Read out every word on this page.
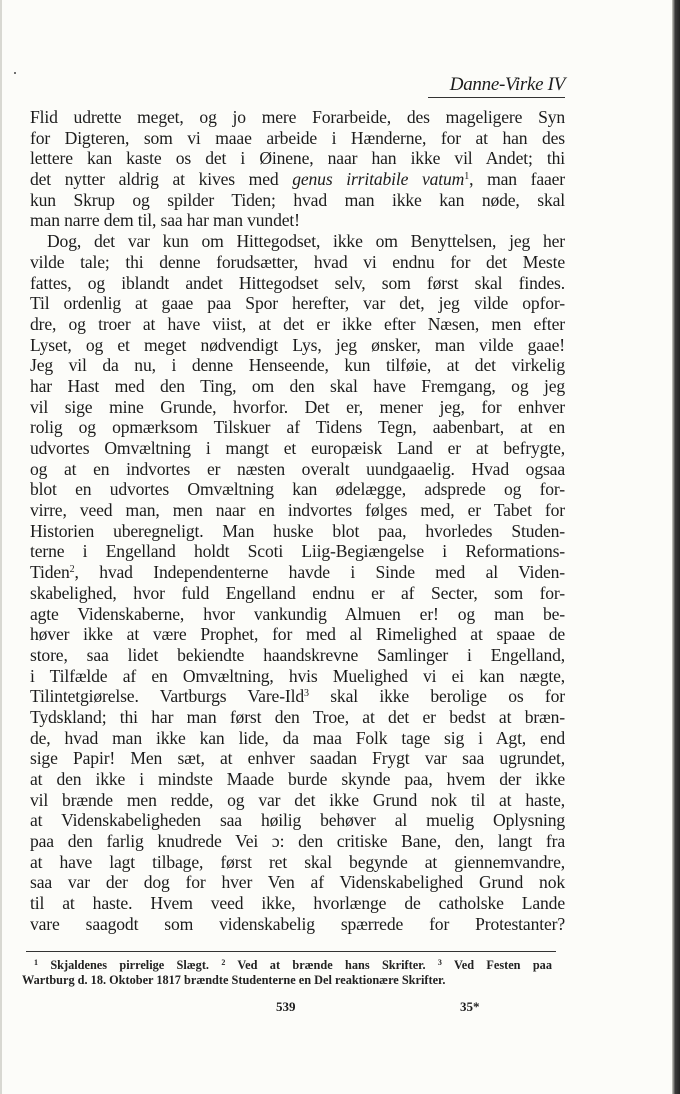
Danne-Virke IV
Flid udrette meget, og jo mere Forarbeide, des mageligere Syn
for Digteren, som vi maae arbeide i Hænderne, for at han des
lettere kan kaste os det i Øinene, naar han ikke vil Andet; thi
det nytter aldrig at kives med genus irritabile vatum$^1$, man faaer
kun Skrup og spilder Tiden; hvad man ikke kan nøde, skal
man narre dem til, saa har man vundet!
Dog, det var kun om Hittegodset, ikke om Benyttelsen, jeg her
vilde tale; thi denne forudsætter, hvad vi endnu for det Meste
fattes, og iblandt andet Hittegodset selv, som først skal findes.
Til ordenlig at gaae paa Spor herefter, var det, jeg vilde opfor-
dre, og troer at have viist, at det er ikke efter Næsen, men efter
Lyset, og et meget nødvendigt Lys, jeg ønsker, man vilde gaae!
Jeg vil da nu, i denne Henseende, kun tilføie, at det virkelig
har Hast med den Ting, om den skal have Fremgang, og jeg
vil sige mine Grunde, hvorfor. Det er, mener jeg, for enhver
rolig og opmærksom Tilskuer af Tidens Tegn, aabenbart, at en
udvortes Omvæltning i mangt et europæisk Land er at befrygte,
og at en indvortes er næsten overalt uundgaaelig. Hvad ogsaa
blot en udvortes Omvæltning kan ødelægge, adsprede og for-
virre, veed man, men naar en indvortes følges med, er Tabet for
Historien uberegneligt. Man huske blot paa, hvorledes Studen-
terne i Engelland holdt Scoti Liig-Begiængelse i Reformations-
Tiden$^2$, hvad Independenterne havde i Sinde med al Viden-
skabelighed, hvor fuld Engelland endnu er af Secter, som for-
agte Videnskaberne, hvor vankundig Almuen er! og man be-
høver ikke at være Prophet, for med al Rimelighed at spaae de
store, saa lidet bekiendte haandskrevne Samlinger i Engelland,
i Tilfælde af en Omvæltning, hvis Muelighed vi ei kan nægte,
Tilintetgiørelse. Vartburgs Vare-Ild$^3$ skal ikke berolige os for
Tydskland; thi har man først den Troe, at det er bedst at bræn-
de, hvad man ikke kan lide, da maa Folk tage sig i Agt, end
sige Papir! Men sæt, at enhver saadan Frygt var saa ugrundet,
at den ikke i mindste Maade burde skynde paa, hvem der ikke
vil brænde men redde, og var det ikke Grund nok til at haste,
at Videnskabeligheden saa høilig behøver al muelig Oplysning
paa den farlig knudrede Vei ɔ: den critiske Bane, den, langt fra
at have lagt tilbage, først ret skal begynde at giennemvandre,
saa var der dog for hver Ven af Videnskabelighed Grund nok
til at haste. Hvem veed ikke, hvorlænge de catholske Lande
vare saagodt som videnskabelig spærrede for Protestanter?
$^1$ Skjaldenes pirrelige Slægt. $^2$ Ved at brænde hans Skrifter. $^3$ Ved Festen paa
Wartburg d. 18. Oktober 1817 brændte Studenterne en Del reaktionære Skrifter.
539	35*
